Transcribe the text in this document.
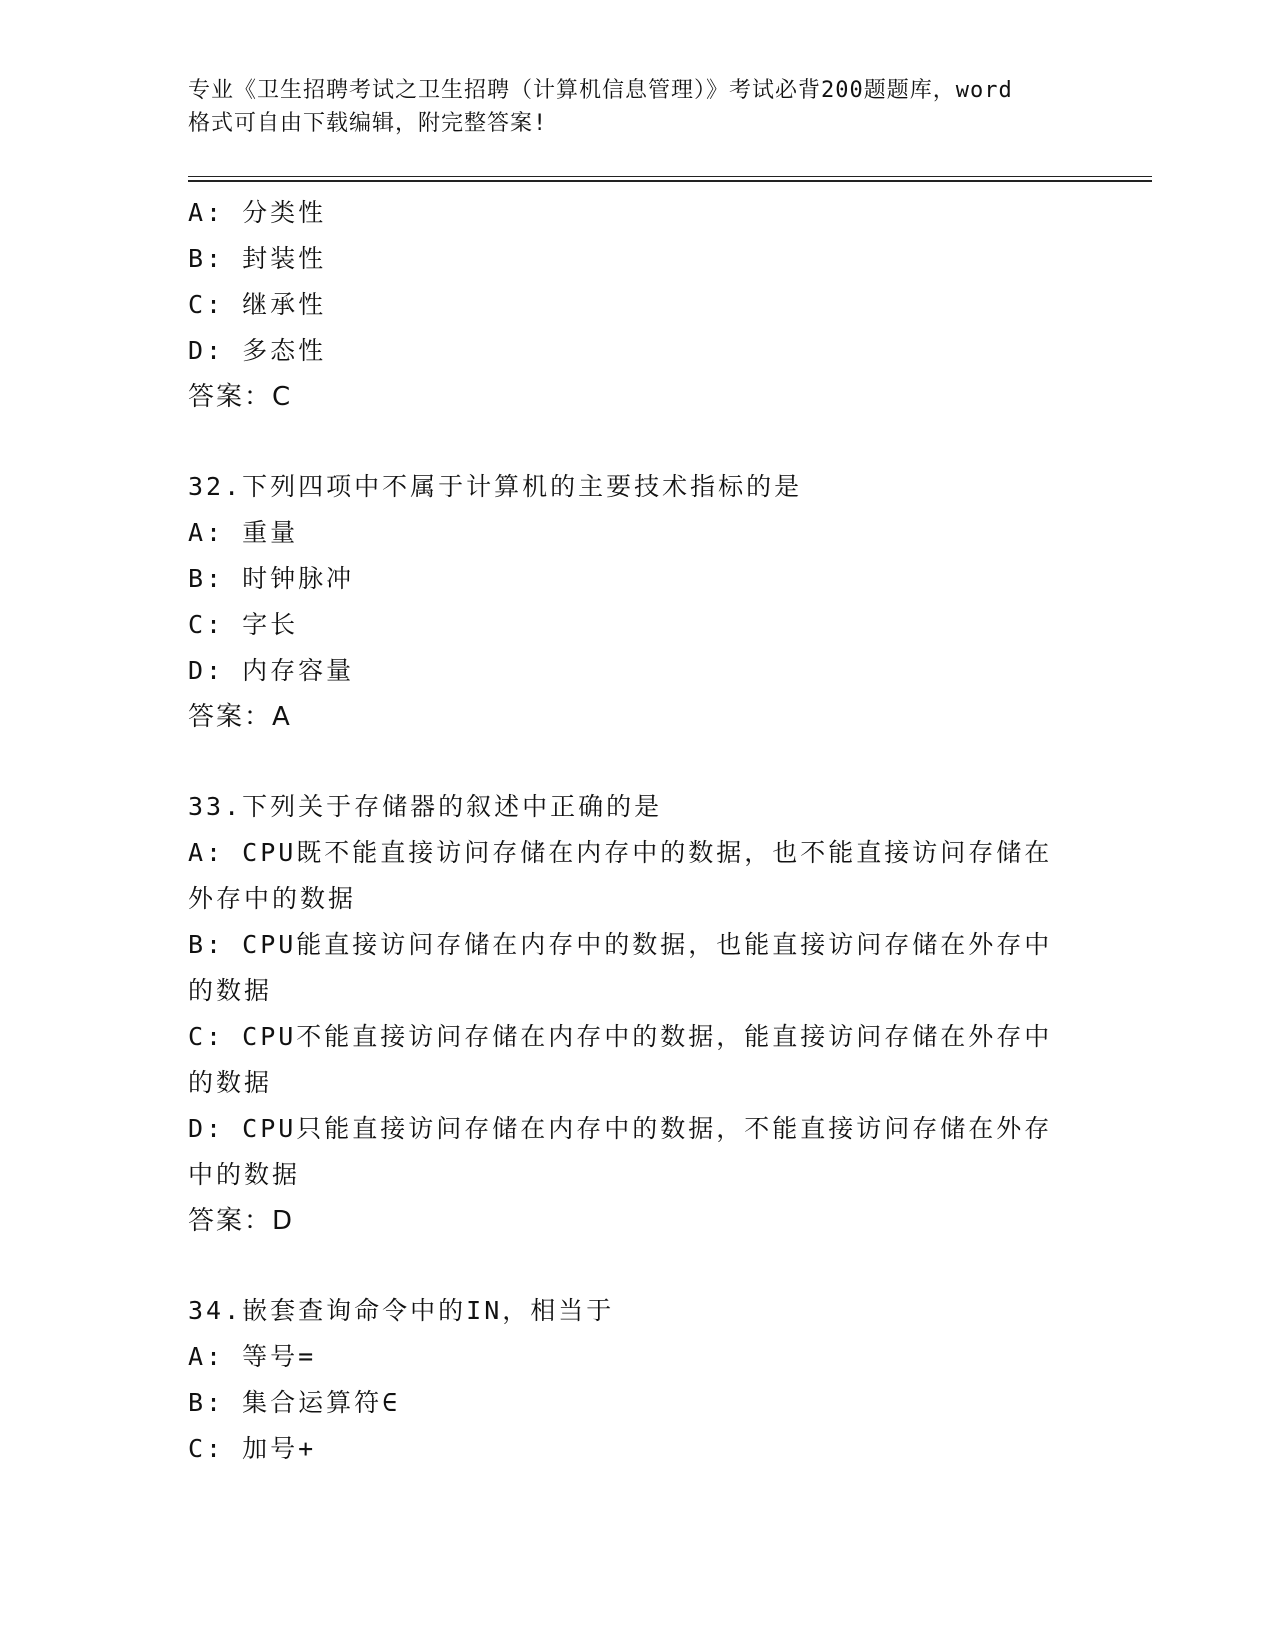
专业《卫生招聘考试之卫生招聘（计算机信息管理）》考试必背200题题库，word
格式可自由下载编辑，附完整答案!
A: 分类性
B: 封装性
C: 继承性
D: 多态性
答案：C
32.下列四项中不属于计算机的主要技术指标的是
A: 重量
B: 时钟脉冲
C: 字长
D: 内存容量
答案：A
33.下列关于存储器的叙述中正确的是
A: CPU既不能直接访问存储在内存中的数据，也不能直接访问存储在
外存中的数据
B: CPU能直接访问存储在内存中的数据，也能直接访问存储在外存中
的数据
C: CPU不能直接访问存储在内存中的数据，能直接访问存储在外存中
的数据
D: CPU只能直接访问存储在内存中的数据，不能直接访问存储在外存
中的数据
答案：D
34.嵌套查询命令中的IN，相当于
A: 等号=
B: 集合运算符∈
C: 加号+
